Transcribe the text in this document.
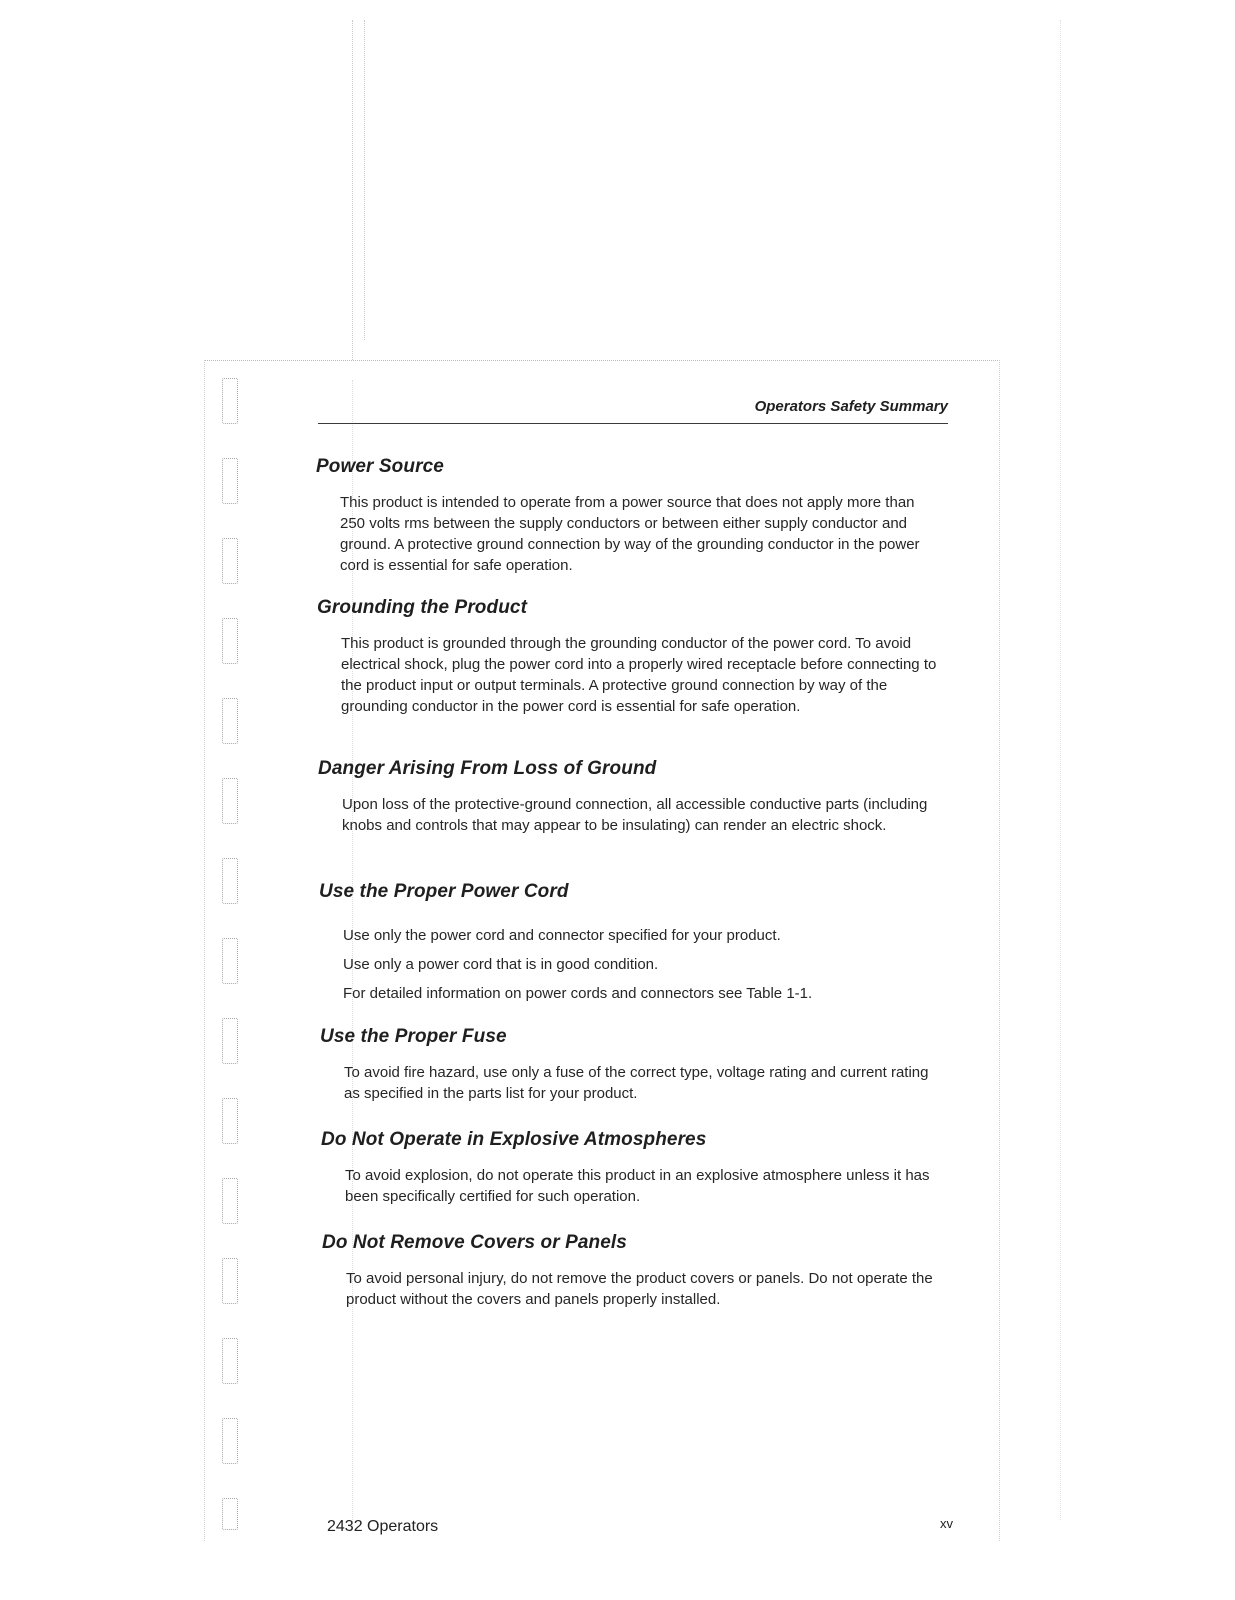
Operators Safety Summary
Power Source

This product is intended to operate from a power source that does not apply more than 250 volts rms between the supply conductors or between either supply conductor and ground. A protective ground connection by way of the grounding conductor in the power cord is essential for safe operation.

Grounding the Product

This product is grounded through the grounding conductor of the power cord. To avoid electrical shock, plug the power cord into a properly wired receptacle before connecting to the product input or output terminals. A protective ground connection by way of the grounding conductor in the power cord is essential for safe operation.

Danger Arising From Loss of Ground

Upon loss of the protective-ground connection, all accessible conductive parts (including knobs and controls that may appear to be insulating) can render an electric shock.

Use the Proper Power Cord

Use only the power cord and connector specified for your product.

Use only a power cord that is in good condition.

For detailed information on power cords and connectors see Table 1-1.

Use the Proper Fuse

To avoid fire hazard, use only a fuse of the correct type, voltage rating and current rating as specified in the parts list for your product.

Do Not Operate in Explosive Atmospheres

To avoid explosion, do not operate this product in an explosive atmosphere unless it has been specifically certified for such operation.

Do Not Remove Covers or Panels

To avoid personal injury, do not remove the product covers or panels. Do not operate the product without the covers and panels properly installed.

2432 Operators	xv
